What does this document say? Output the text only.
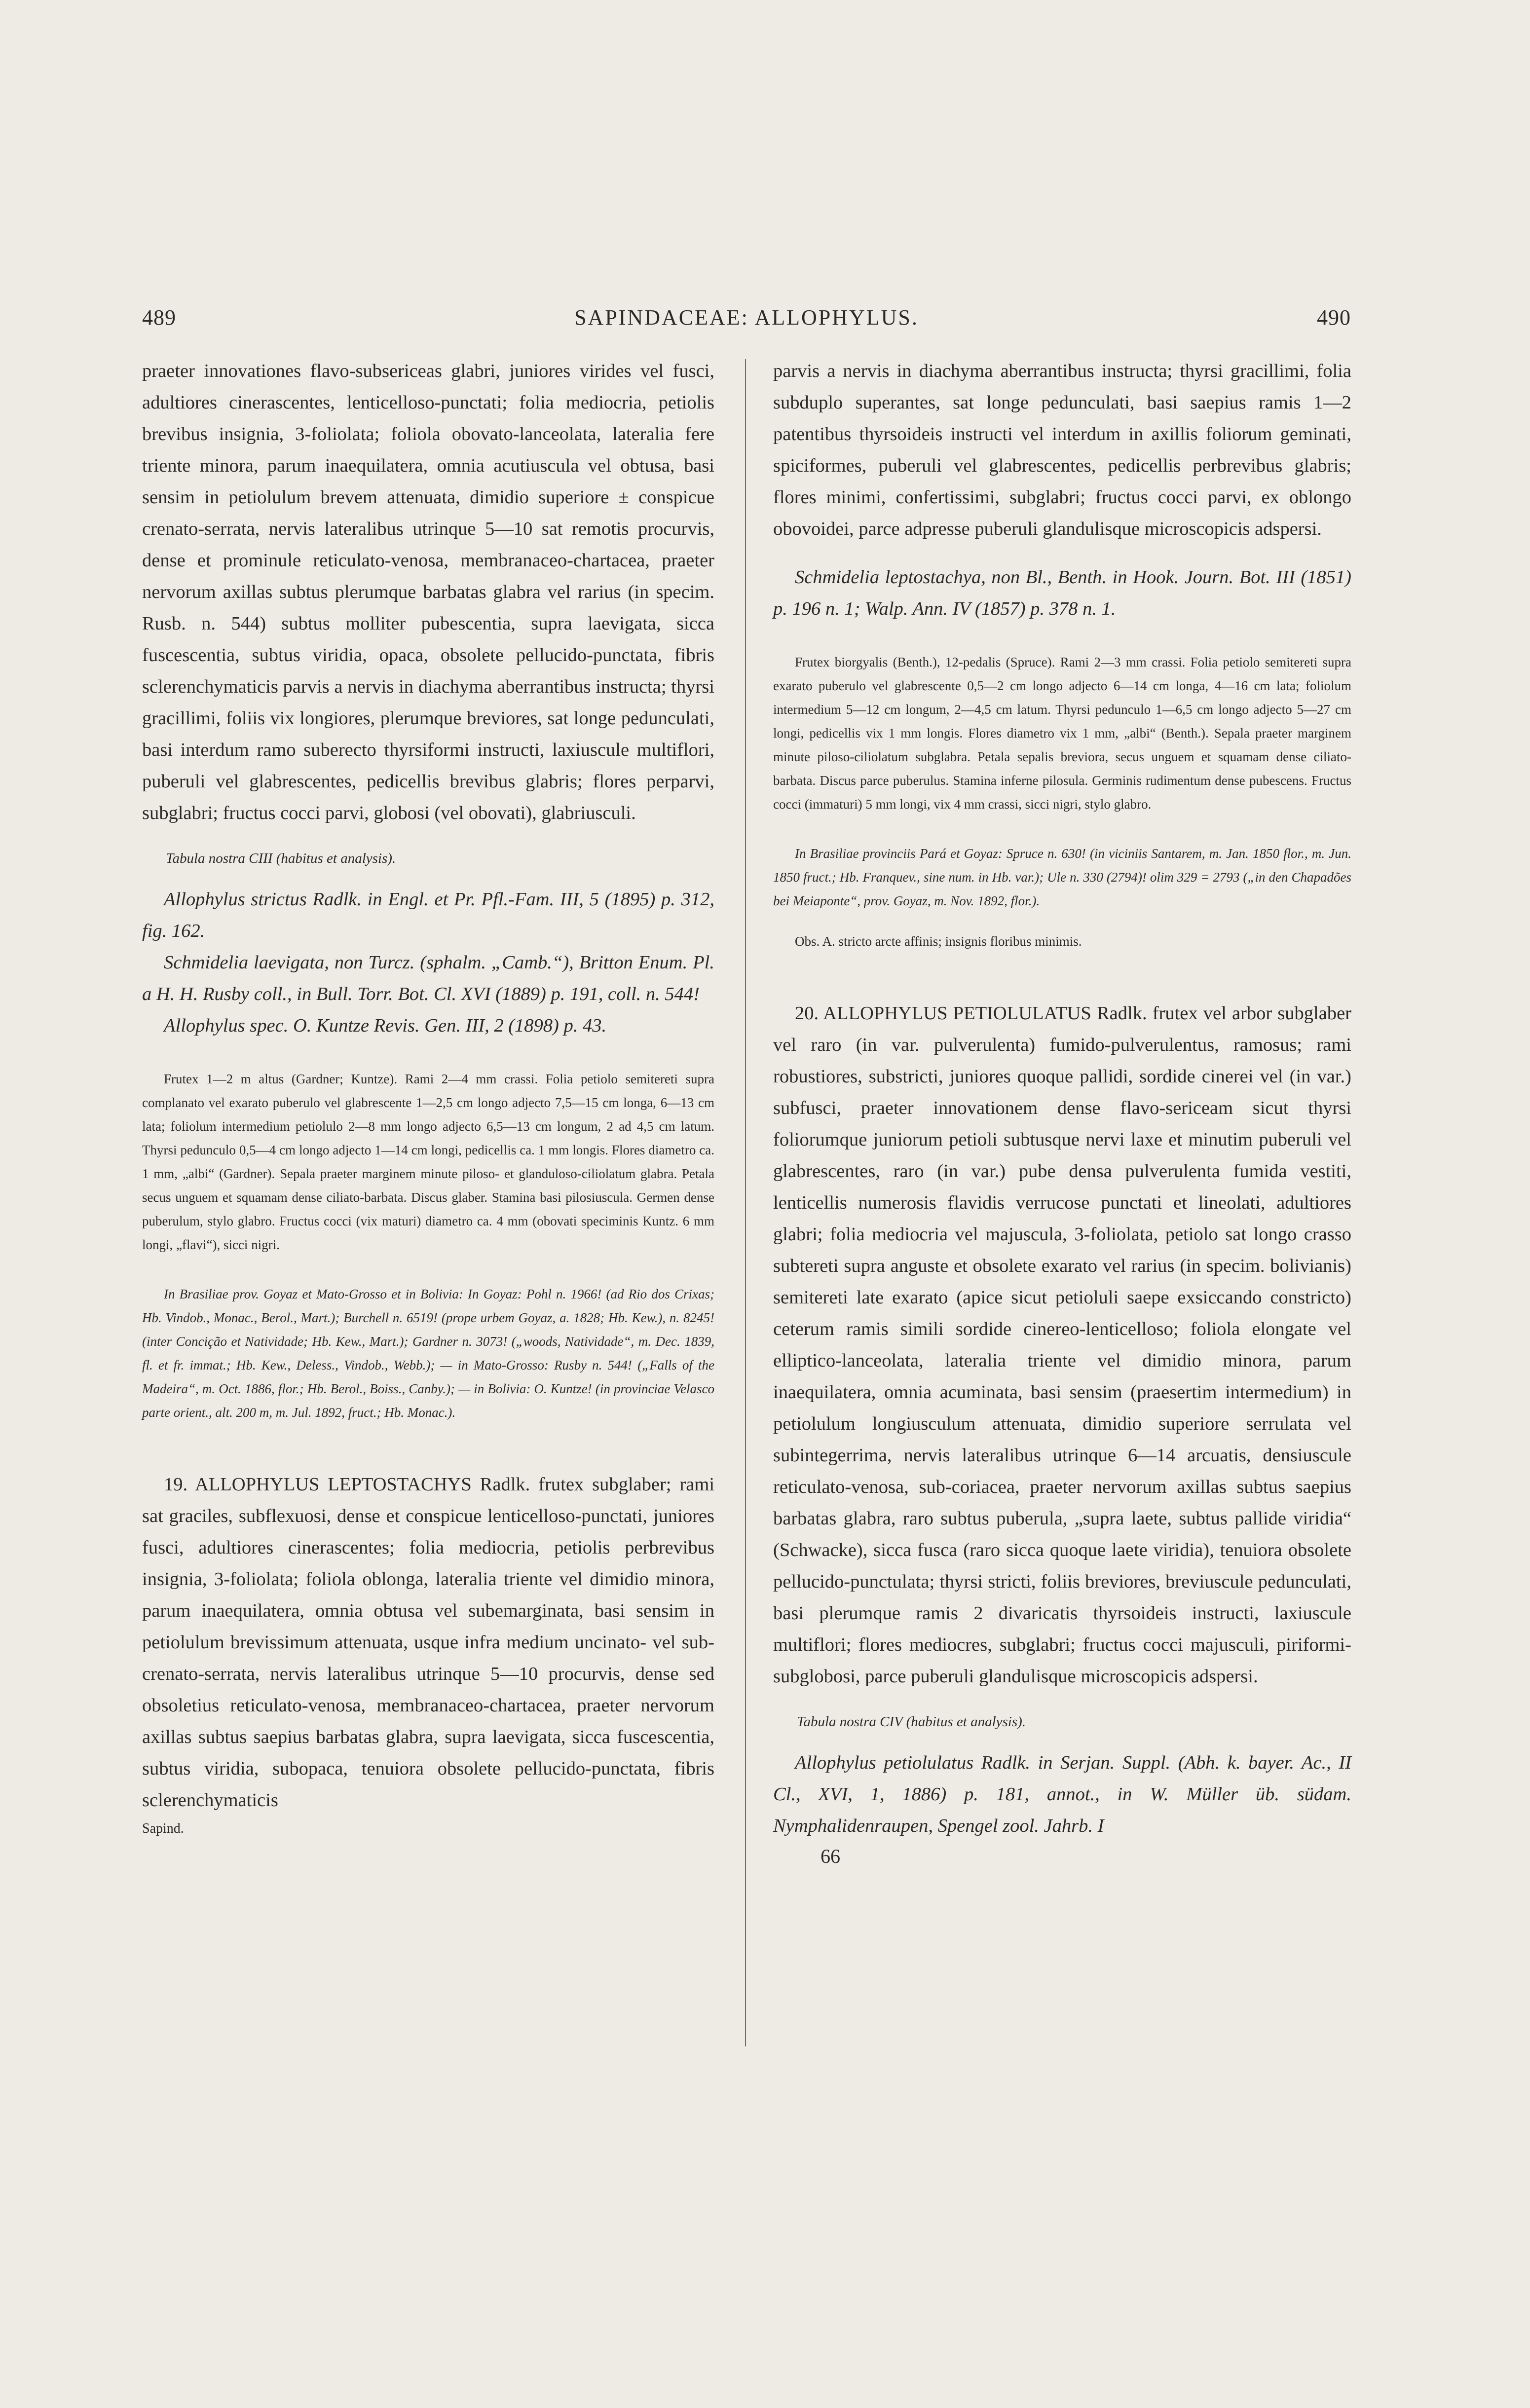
489	SAPINDACEAE: ALLOPHYLUS.	490

praeter innovationes flavo-subsericeas glabri, juniores virides vel fusci, adultiores cinerascentes, lenticelloso-punctati; folia mediocria, petiolis brevibus insignia, 3-foliolata; foliola obovato-lanceolata, lateralia fere triente minora, parum inaequilatera, omnia acutiuscula vel obtusa, basi sensim in petiolulum brevem attenuata, dimidio superiore ± conspicue crenato-serrata, nervis lateralibus utrinque 5—10 sat remotis procurvis, dense et prominule reticulato-venosa, membranaceo-chartacea, praeter nervorum axillas subtus plerumque barbatas glabra vel rarius (in specim. Rusb. n. 544) subtus molliter pubescentia, supra laevigata, sicca fuscescentia, subtus viridia, opaca, obsolete pellucido-punctata, fibris sclerenchymaticis parvis a nervis in diachyma aberrantibus instructa; thyrsi gracillimi, foliis vix longiores, plerumque breviores, sat longe pedunculati, basi interdum ramo suberecto thyrsiformi instructi, laxiuscule multiflori, puberuli vel glabrescentes, pedicellis brevibus glabris; flores perparvi, subglabri; fructus cocci parvi, globosi (vel obovati), glabriusculi.

Tabula nostra CIII (habitus et analysis).

Allophylus strictus Radlk. in Engl. et Pr. Pfl.-Fam. III, 5 (1895) p. 312, fig. 162.

Schmidelia laevigata, non Turcz. (sphalm. „Camb.“), Britton Enum. Pl. a H. H. Rusby coll., in Bull. Torr. Bot. Cl. XVI (1889) p. 191, coll. n. 544!

Allophylus spec. O. Kuntze Revis. Gen. III, 2 (1898) p. 43.

Frutex 1—2 m altus (Gardner; Kuntze). Rami 2—4 mm crassi. Folia petiolo semitereti supra complanato vel exarato puberulo vel glabrescente 1—2,5 cm longo adjecto 7,5—15 cm longa, 6—13 cm lata; foliolum intermedium petiolulo 2—8 mm longo adjecto 6,5—13 cm longum, 2 ad 4,5 cm latum. Thyrsi pedunculo 0,5—4 cm longo adjecto 1—14 cm longi, pedicellis ca. 1 mm longis. Flores diametro ca. 1 mm, „albi“ (Gardner). Sepala praeter marginem minute piloso- et glanduloso-ciliolatum glabra. Petala secus unguem et squamam dense ciliato-barbata. Discus glaber. Stamina basi pilosiuscula. Germen dense puberulum, stylo glabro. Fructus cocci (vix maturi) diametro ca. 4 mm (obovati speciminis Kuntz. 6 mm longi, „flavi“), sicci nigri.

In Brasiliae prov. Goyaz et Mato-Grosso et in Bolivia: In Goyaz: Pohl n. 1966! (ad Rio dos Crixas; Hb. Vindob., Monac., Berol., Mart.); Burchell n. 6519! (prope urbem Goyaz, a. 1828; Hb. Kew.), n. 8245! (inter Concição et Natividade; Hb. Kew., Mart.); Gardner n. 3073! („woods, Natividade“, m. Dec. 1839, fl. et fr. immat.; Hb. Kew., Deless., Vindob., Webb.); — in Mato-Grosso: Rusby n. 544! („Falls of the Madeira“, m. Oct. 1886, flor.; Hb. Berol., Boiss., Canby.); — in Bolivia: O. Kuntze! (in provinciae Velasco parte orient., alt. 200 m, m. Jul. 1892, fruct.; Hb. Monac.).

19. ALLOPHYLUS LEPTOSTACHYS Radlk. frutex subglaber; rami sat graciles, subflexuosi, dense et conspicue lenticelloso-punctati, juniores fusci, adultiores cinerascentes; folia mediocria, petiolis perbrevibus insignia, 3-foliolata; foliola oblonga, lateralia triente vel dimidio minora, parum inaequilatera, omnia obtusa vel subemarginata, basi sensim in petiolulum brevissimum attenuata, usque infra medium uncinato- vel sub-crenato-serrata, nervis lateralibus utrinque 5—10 procurvis, dense sed obsoletius reticulato-venosa, membranaceo-chartacea, praeter nervorum axillas subtus saepius barbatas glabra, supra laevigata, sicca fuscescentia, subtus viridia, subopaca, tenuiora obsolete pellucido-punctata, fibris sclerenchymaticis

Sapind.

parvis a nervis in diachyma aberrantibus instructa; thyrsi gracillimi, folia subduplo superantes, sat longe pedunculati, basi saepius ramis 1—2 patentibus thyrsoideis instructi vel interdum in axillis foliorum geminati, spiciformes, puberuli vel glabrescentes, pedicellis perbrevibus glabris; flores minimi, confertissimi, subglabri; fructus cocci parvi, ex oblongo obovoidei, parce adpresse puberuli glandulisque microscopicis adspersi.

Schmidelia leptostachya, non Bl., Benth. in Hook. Journ. Bot. III (1851) p. 196 n. 1; Walp. Ann. IV (1857) p. 378 n. 1.

Frutex biorgyalis (Benth.), 12-pedalis (Spruce). Rami 2—3 mm crassi. Folia petiolo semitereti supra exarato puberulo vel glabrescente 0,5—2 cm longo adjecto 6—14 cm longa, 4—16 cm lata; foliolum intermedium 5—12 cm longum, 2—4,5 cm latum. Thyrsi pedunculo 1—6,5 cm longo adjecto 5—27 cm longi, pedicellis vix 1 mm longis. Flores diametro vix 1 mm, „albi“ (Benth.). Sepala praeter marginem minute piloso-ciliolatum subglabra. Petala sepalis breviora, secus unguem et squamam dense ciliato-barbata. Discus parce puberulus. Stamina inferne pilosula. Germinis rudimentum dense pubescens. Fructus cocci (immaturi) 5 mm longi, vix 4 mm crassi, sicci nigri, stylo glabro.

In Brasiliae provinciis Pará et Goyaz: Spruce n. 630! (in viciniis Santarem, m. Jan. 1850 flor., m. Jun. 1850 fruct.; Hb. Franquev., sine num. in Hb. var.); Ule n. 330 (2794)! olim 329 = 2793 („in den Chapadões bei Meiaponte“, prov. Goyaz, m. Nov. 1892, flor.).

Obs. A. stricto arcte affinis; insignis floribus minimis.

20. ALLOPHYLUS PETIOLULATUS Radlk. frutex vel arbor subglaber vel raro (in var. pulverulenta) fumido-pulverulentus, ramosus; rami robustiores, substricti, juniores quoque pallidi, sordide cinerei vel (in var.) subfusci, praeter innovationem dense flavo-sericeam sicut thyrsi foliorumque juniorum petioli subtusque nervi laxe et minutim puberuli vel glabrescentes, raro (in var.) pube densa pulverulenta fumida vestiti, lenticellis numerosis flavidis verrucose punctati et lineolati, adultiores glabri; folia mediocria vel majuscula, 3-foliolata, petiolo sat longo crasso subtereti supra anguste et obsolete exarato vel rarius (in specim. bolivianis) semitereti late exarato (apice sicut petioluli saepe exsiccando constricto) ceterum ramis simili sordide cinereo-lenticelloso; foliola elongate vel elliptico-lanceolata, lateralia triente vel dimidio minora, parum inaequilatera, omnia acuminata, basi sensim (praesertim intermedium) in petiolulum longiusculum attenuata, dimidio superiore serrulata vel subintegerrima, nervis lateralibus utrinque 6—14 arcuatis, densiuscule reticulato-venosa, sub-coriacea, praeter nervorum axillas subtus saepius barbatas glabra, raro subtus puberula, „supra laete, subtus pallide viridia“ (Schwacke), sicca fusca (raro sicca quoque laete viridia), tenuiora obsolete pellucido-punctulata; thyrsi stricti, foliis breviores, breviuscule pedunculati, basi plerumque ramis 2 divaricatis thyrsoideis instructi, laxiuscule multiflori; flores mediocres, subglabri; fructus cocci majusculi, piriformi-subglobosi, parce puberuli glandulisque microscopicis adspersi.

Tabula nostra CIV (habitus et analysis).

Allophylus petiolulatus Radlk. in Serjan. Suppl. (Abh. k. bayer. Ac., II Cl., XVI, 1, 1886) p. 181, annot., in W. Müller üb. südam. Nymphalidenraupen, Spengel zool. Jahrb. I

66
